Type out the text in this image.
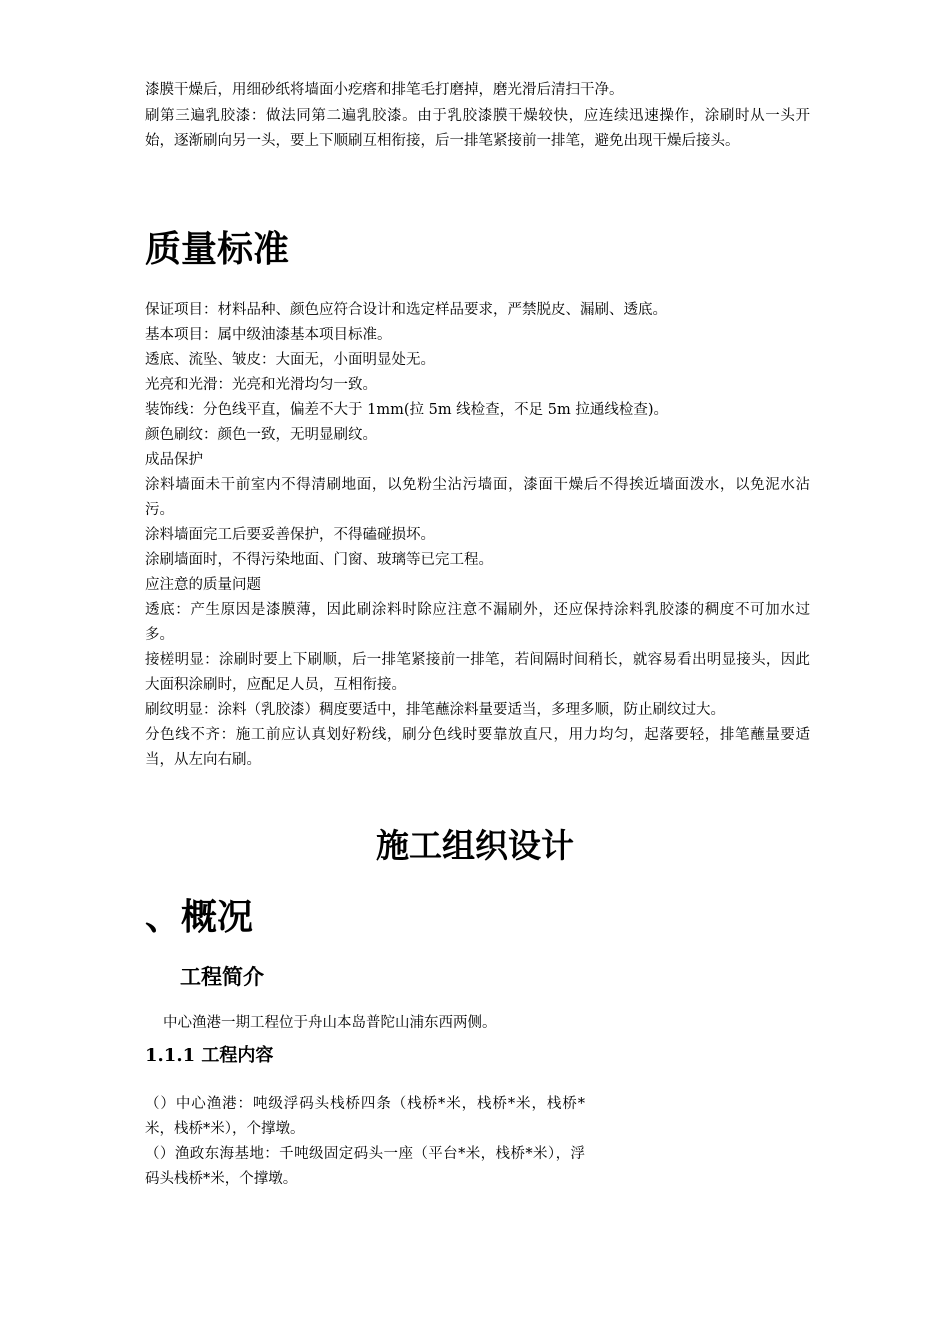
漆膜干燥后，用细砂纸将墙面小疙瘩和排笔毛打磨掉，磨光滑后清扫干净。

刷第三遍乳胶漆：做法同第二遍乳胶漆。由于乳胶漆膜干燥较快，应连续迅速操作，涂刷时从一头开始，逐渐刷向另一头，要上下顺刷互相衔接，后一排笔紧接前一排笔，避免出现干燥后接头。

质量标准

保证项目：材料品种、颜色应符合设计和选定样品要求，严禁脱皮、漏刷、透底。

基本项目：属中级油漆基本项目标准。

透底、流坠、皱皮：大面无，小面明显处无。

光亮和光滑：光亮和光滑均匀一致。

装饰线：分色线平直，偏差不大于 1mm(拉 5m 线检查，不足 5m 拉通线检查)。

颜色刷纹：颜色一致，无明显刷纹。

成品保护

涂料墙面未干前室内不得清刷地面，以免粉尘沾污墙面，漆面干燥后不得挨近墙面泼水，以免泥水沾污。

涂料墙面完工后要妥善保护，不得磕碰损坏。

涂刷墙面时，不得污染地面、门窗、玻璃等已完工程。

应注意的质量问题

透底：产生原因是漆膜薄，因此刷涂料时除应注意不漏刷外，还应保持涂料乳胶漆的稠度不可加水过多。

接槎明显：涂刷时要上下刷顺，后一排笔紧接前一排笔，若间隔时间稍长，就容易看出明显接头，因此大面积涂刷时，应配足人员，互相衔接。

刷纹明显：涂料（乳胶漆）稠度要适中，排笔蘸涂料量要适当，多理多顺，防止刷纹过大。

分色线不齐：施工前应认真划好粉线，刷分色线时要靠放直尺，用力均匀，起落要轻，排笔蘸量要适当，从左向右刷。

施工组织设计
、概况
工程简介

中心渔港一期工程位于舟山本岛普陀山浦东西两侧。

1.1.1 工程内容

（）中心渔港：吨级浮码头栈桥四条（栈桥*米，栈桥*米，栈桥*米，栈桥*米），个撑墩。

（）渔政东海基地：千吨级固定码头一座（平台*米，栈桥*米），浮码头栈桥*米，个撑墩。
